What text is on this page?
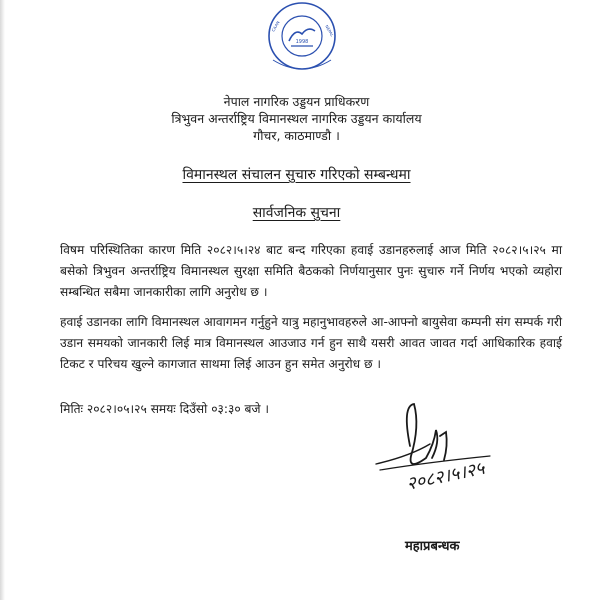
1998
CAAN	NEPAL
नेपाल नागरिक उड्डयन प्राधिकरण
त्रिभुवन अन्तर्राष्ट्रिय विमानस्थल नागरिक उड्डयन कार्यालय
गौचर, काठमाण्डौ ।
विमानस्थल संचालन सुचारु गरिएको सम्बन्धमा
सार्वजनिक सुचना
विषम परिस्थितिका कारण मिति २०८२।५।२४ बाट बन्द गरिएका हवाई उडानहरुलाई आज मिति २०८२।५।२५ मा बसेको त्रिभुवन अन्तर्राष्ट्रिय विमानस्थल सुरक्षा समिति बैठकको निर्णयानुसार पुनः सुचारु गर्ने निर्णय भएको व्यहोरा सम्बन्धित सबैमा जानकारीका लागि अनुरोध छ ।
हवाई उडानका लागि विमानस्थल आवागमन गर्नुहुने यात्रु महानुभावहरुले आ-आफ्नो बायुसेवा कम्पनी संग सम्पर्क गरी उडान समयको जानकारी लिई मात्र विमानस्थल आउजाउ गर्न हुन साथै यसरी आवत जावत गर्दा आधिकारिक हवाई टिकट र परिचय खुल्ने कागजात साथमा लिई आउन हुन समेत अनुरोध छ ।
मितिः २०८२।०५।२५ समयः दिउँसो ०३:३० बजे ।
२०८२।५।२५
महाप्रबन्धक
